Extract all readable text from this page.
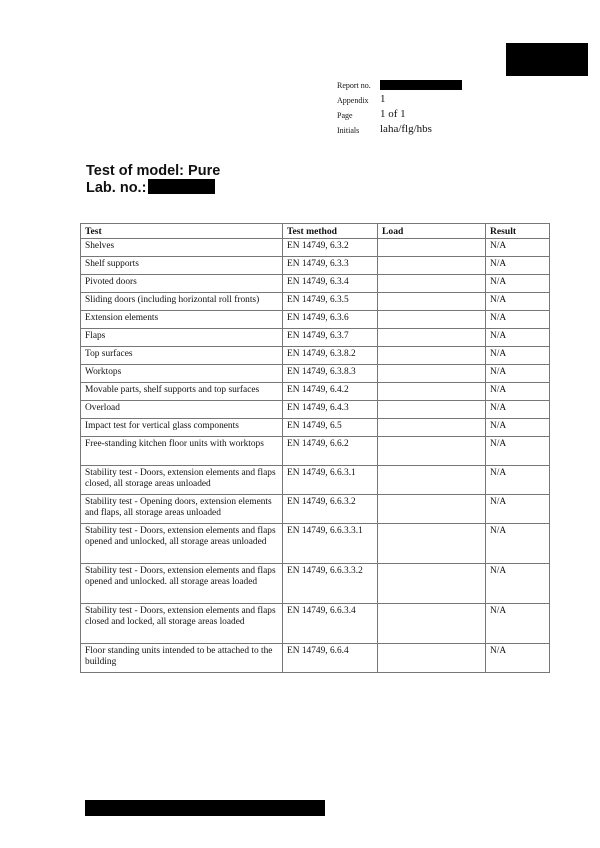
Report no.
Appendix 1
Page 1 of 1
Initials laha/flg/hbs
Test of model: Pure
Lab. no.:
Test	Test method	Load	Result
Shelves	EN 14749, 6.3.2		N/A
Shelf supports	EN 14749, 6.3.3		N/A
Pivoted doors	EN 14749, 6.3.4		N/A
Sliding doors (including horizontal roll fronts)	EN 14749, 6.3.5		N/A
Extension elements	EN 14749, 6.3.6		N/A
Flaps	EN 14749, 6.3.7		N/A
Top surfaces	EN 14749, 6.3.8.2		N/A
Worktops	EN 14749, 6.3.8.3		N/A
Movable parts, shelf supports and top surfaces	EN 14749, 6.4.2		N/A
Overload	EN 14749, 6.4.3		N/A
Impact test for vertical glass components	EN 14749, 6.5		N/A
Free-standing kitchen floor units with worktops	EN 14749, 6.6.2		N/A
Stability test - Doors, extension elements and flaps closed, all storage areas unloaded	EN 14749, 6.6.3.1		N/A
Stability test - Opening doors, extension elements and flaps, all storage areas unloaded	EN 14749, 6.6.3.2		N/A
Stability test - Doors, extension elements and flaps opened and unlocked, all storage areas unloaded	EN 14749, 6.6.3.3.1		N/A
Stability test - Doors, extension elements and flaps opened and unlocked. all storage areas loaded	EN 14749, 6.6.3.3.2		N/A
Stability test - Doors, extension elements and flaps closed and locked, all storage areas loaded	EN 14749, 6.6.3.4		N/A
Floor standing units intended to be attached to the building	EN 14749, 6.6.4		N/A
